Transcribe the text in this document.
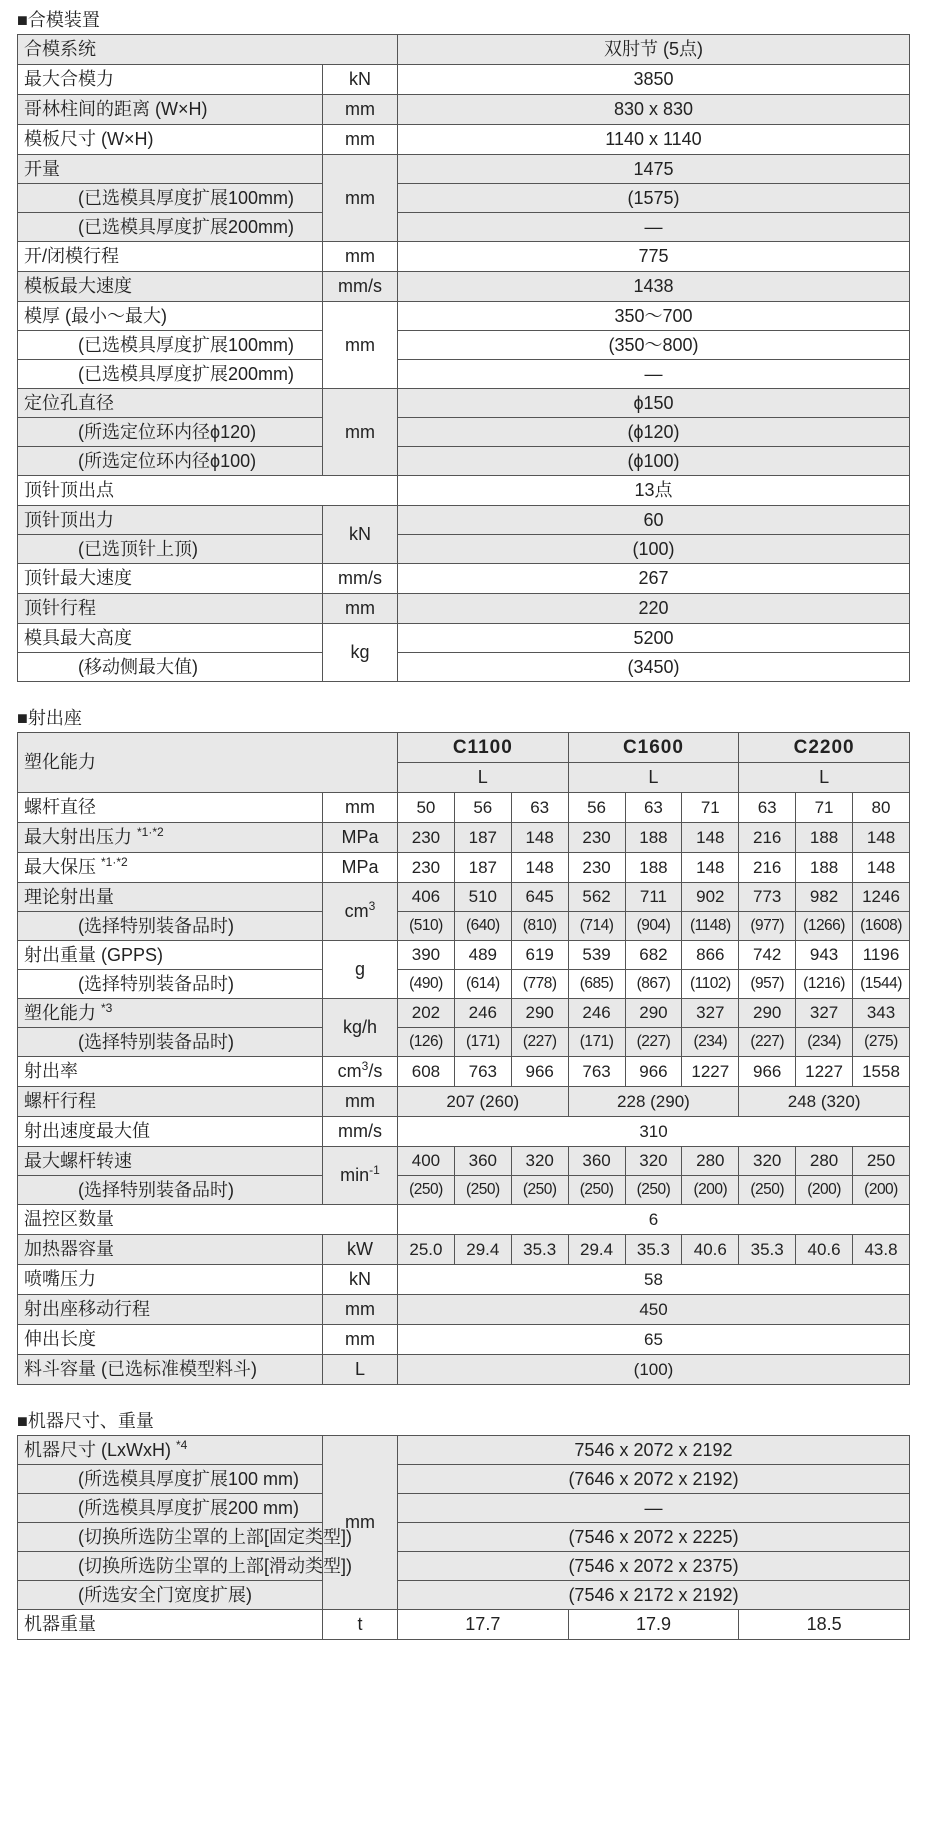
■合模装置
合模系统		双肘节 (5点)
最大合模力	kN	3850
哥林柱间的距离 (W×H)	mm	830 x 830
模板尺寸 (W×H)	mm	1140 x 1140
开量	mm	1475
(已选模具厚度扩展100mm)		(1575)
(已选模具厚度扩展200mm)		—
开/闭模行程	mm	775
模板最大速度	mm/s	1438
模厚 (最小～最大)	mm	350～700
(已选模具厚度扩展100mm)		(350～800)
(已选模具厚度扩展200mm)		—
定位孔直径	mm	ϕ150
(所选定位环内径ϕ120)		(ϕ120)
(所选定位环内径ϕ100)		(ϕ100)
顶针顶出点		13点
顶针顶出力	kN	60
(已选顶针上顶)		(100)
顶针最大速度	mm/s	267
顶针行程	mm	220
模具最大高度	kg	5200
(移动侧最大值)		(3450)
■射出座
塑化能力		C1100			C1600			C2200		
		L			L			L		
螺杆直径	mm	50	56	63	56	63	71	63	71	80
最大射出压力 $^{*1\cdot*2}$	MPa	230	187	148	230	188	148	216	188	148
最大保压 $^{*1\cdot*2}$	MPa	230	187	148	230	188	148	216	188	148
理论射出量	$cm^3$	406	510	645	562	711	902	773	982	1246
(选择特别装备品时)		(510)	(640)	(810)	(714)	(904)	(1148)	(977)	(1266)	(1608)
射出重量 (GPPS)	g	390	489	619	539	682	866	742	943	1196
(选择特别装备品时)		(490)	(614)	(778)	(685)	(867)	(1102)	(957)	(1216)	(1544)
塑化能力 $^{*3}$	kg/h	202	246	290	246	290	327	290	327	343
(选择特别装备品时)		(126)	(171)	(227)	(171)	(227)	(234)	(227)	(234)	(275)
射出率	$cm^3/s$	608	763	966	763	966	1227	966	1227	1558
螺杆行程	mm	207 (260)			228 (290)			248 (320)		
射出速度最大值	mm/s	310								
最大螺杆转速	$\min^{-1}$	400	360	320	360	320	280	320	280	250
(选择特别装备品时)		(250)	(250)	(250)	(250)	(250)	(200)	(250)	(200)	(200)
温控区数量		6								
加热器容量	kW	25.0	29.4	35.3	29.4	35.3	40.6	35.3	40.6	43.8
喷嘴压力	kN	58								
射出座移动行程	mm	450								
伸出长度	mm	65								
料斗容量 (已选标准模型料斗)	L	(100)								
■机器尺寸、重量
机器尺寸 (LxWxH) $^{*4}$	mm	7546 x 2072 x 2192		
(所选模具厚度扩展100 mm)		(7646 x 2072 x 2192)		
(所选模具厚度扩展200 mm)		—		
(切换所选防尘罩的上部[固定类型])		(7546 x 2072 x 2225)		
(切换所选防尘罩的上部[滑动类型])		(7546 x 2072 x 2375)		
(所选安全门宽度扩展)		(7546 x 2172 x 2192)		
机器重量	t	17.7	17.9	18.5
